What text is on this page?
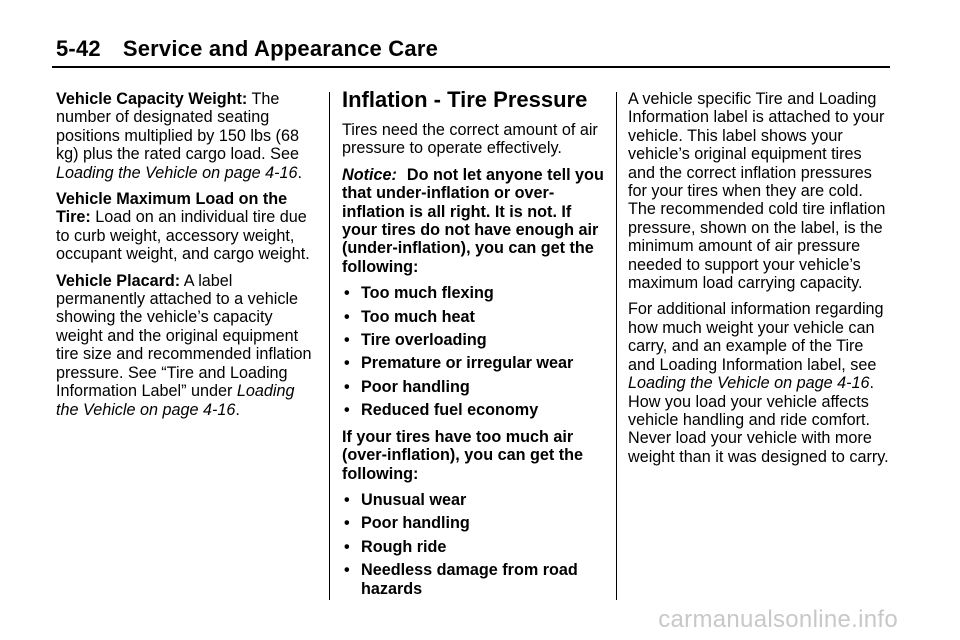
5-42 Service and Appearance Care

Vehicle Capacity Weight: The number of designated seating positions multiplied by 150 lbs (68 kg) plus the rated cargo load. See Loading the Vehicle on page 4-16.

Vehicle Maximum Load on the Tire: Load on an individual tire due to curb weight, accessory weight, occupant weight, and cargo weight.

Vehicle Placard: A label permanently attached to a vehicle showing the vehicle’s capacity weight and the original equipment tire size and recommended inflation pressure. See “Tire and Loading Information Label” under Loading the Vehicle on page 4-16.

Inflation - Tire Pressure

Tires need the correct amount of air pressure to operate effectively.

Notice: Do not let anyone tell you that under-inflation or over-inflation is all right. It is not. If your tires do not have enough air (under-inflation), you can get the following:

• Too much flexing
• Too much heat
• Tire overloading
• Premature or irregular wear
• Poor handling
• Reduced fuel economy

If your tires have too much air (over-inflation), you can get the following:

• Unusual wear
• Poor handling
• Rough ride
• Needless damage from road hazards

A vehicle specific Tire and Loading Information label is attached to your vehicle. This label shows your vehicle’s original equipment tires and the correct inflation pressures for your tires when they are cold. The recommended cold tire inflation pressure, shown on the label, is the minimum amount of air pressure needed to support your vehicle’s maximum load carrying capacity.

For additional information regarding how much weight your vehicle can carry, and an example of the Tire and Loading Information label, see Loading the Vehicle on page 4-16. How you load your vehicle affects vehicle handling and ride comfort. Never load your vehicle with more weight than it was designed to carry.

carmanualsonline.info
